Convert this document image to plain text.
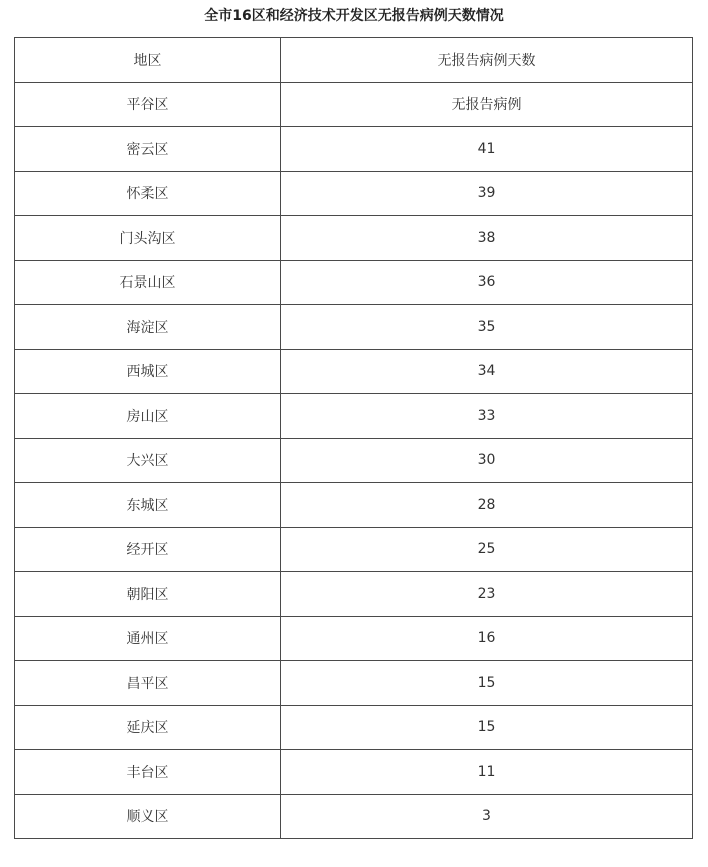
全市16区和经济技术开发区无报告病例天数情况
地区	无报告病例天数
平谷区	无报告病例
密云区	41
怀柔区	39
门头沟区	38
石景山区	36
海淀区	35
西城区	34
房山区	33
大兴区	30
东城区	28
经开区	25
朝阳区	23
通州区	16
昌平区	15
延庆区	15
丰台区	11
顺义区	3
